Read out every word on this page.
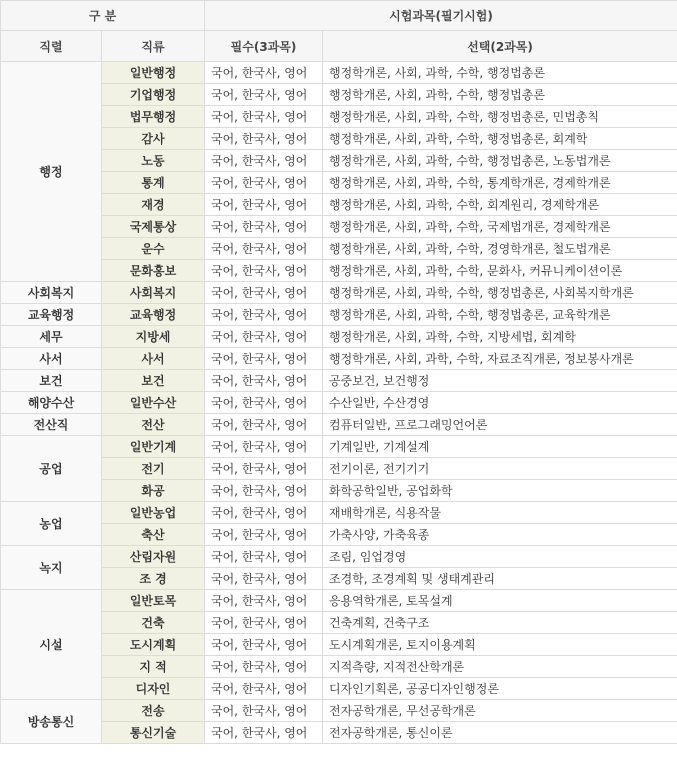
구 분		시험과목(필기시험)	
직렬	직류	필수(3과목)	선택(2과목)
행정	일반행정	국어, 한국사, 영어	행정학개론, 사회, 과학, 수학, 행정법총론
	기업행정	국어, 한국사, 영어	행정학개론, 사회, 과학, 수학, 행정법총론
	법무행정	국어, 한국사, 영어	행정학개론, 사회, 과학, 수학, 행정법총론, 민법총칙
	감사	국어, 한국사, 영어	행정학개론, 사회, 과학, 수학, 행정법총론, 회계학
	노동	국어, 한국사, 영어	행정학개론, 사회, 과학, 수학, 행정법총론, 노동법개론
	통계	국어, 한국사, 영어	행정학개론, 사회, 과학, 수학, 통계학개론, 경제학개론
	재경	국어, 한국사, 영어	행정학개론, 사회, 과학, 수학, 회계원리, 경제학개론
	국제통상	국어, 한국사, 영어	행정학개론, 사회, 과학, 수학, 국제법개론, 경제학개론
	운수	국어, 한국사, 영어	행정학개론, 사회, 과학, 수학, 경영학개론, 철도법개론
	문화홍보	국어, 한국사, 영어	행정학개론, 사회, 과학, 수학, 문화사, 커뮤니케이션이론
사회복지	사회복지	국어, 한국사, 영어	행정학개론, 사회, 과학, 수학, 행정법총론, 사회복지학개론
교육행정	교육행정	국어, 한국사, 영어	행정학개론, 사회, 과학, 수학, 행정법총론, 교육학개론
세무	지방세	국어, 한국사, 영어	행정학개론, 사회, 과학, 수학, 지방세법, 회계학
사서	사서	국어, 한국사, 영어	행정학개론, 사회, 과학, 수학, 자료조직개론, 정보봉사개론
보건	보건	국어, 한국사, 영어	공중보건, 보건행정
해양수산	일반수산	국어, 한국사, 영어	수산일반, 수산경영
전산직	전산	국어, 한국사, 영어	컴퓨터일반, 프로그래밍언어론
공업	일반기계	국어, 한국사, 영어	기계일반, 기계설계
	전기	국어, 한국사, 영어	전기이론, 전기기기
	화공	국어, 한국사, 영어	화학공학일반, 공업화학
농업	일반농업	국어, 한국사, 영어	재배학개론, 식용작물
	축산	국어, 한국사, 영어	가축사양, 가축육종
녹지	산림자원	국어, 한국사, 영어	조림, 임업경영
	조 경	국어, 한국사, 영어	조경학, 조경계획 및 생태계관리
시설	일반토목	국어, 한국사, 영어	응용역학개론, 토목설계
	건축	국어, 한국사, 영어	건축계획, 건축구조
	도시계획	국어, 한국사, 영어	도시계획개론, 토지이용계획
	지 적	국어, 한국사, 영어	지적측량, 지적전산학개론
	디자인	국어, 한국사, 영어	디자인기획론, 공공디자인행정론
방송통신	전송	국어, 한국사, 영어	전자공학개론, 무선공학개론
	통신기술	국어, 한국사, 영어	전자공학개론, 통신이론
